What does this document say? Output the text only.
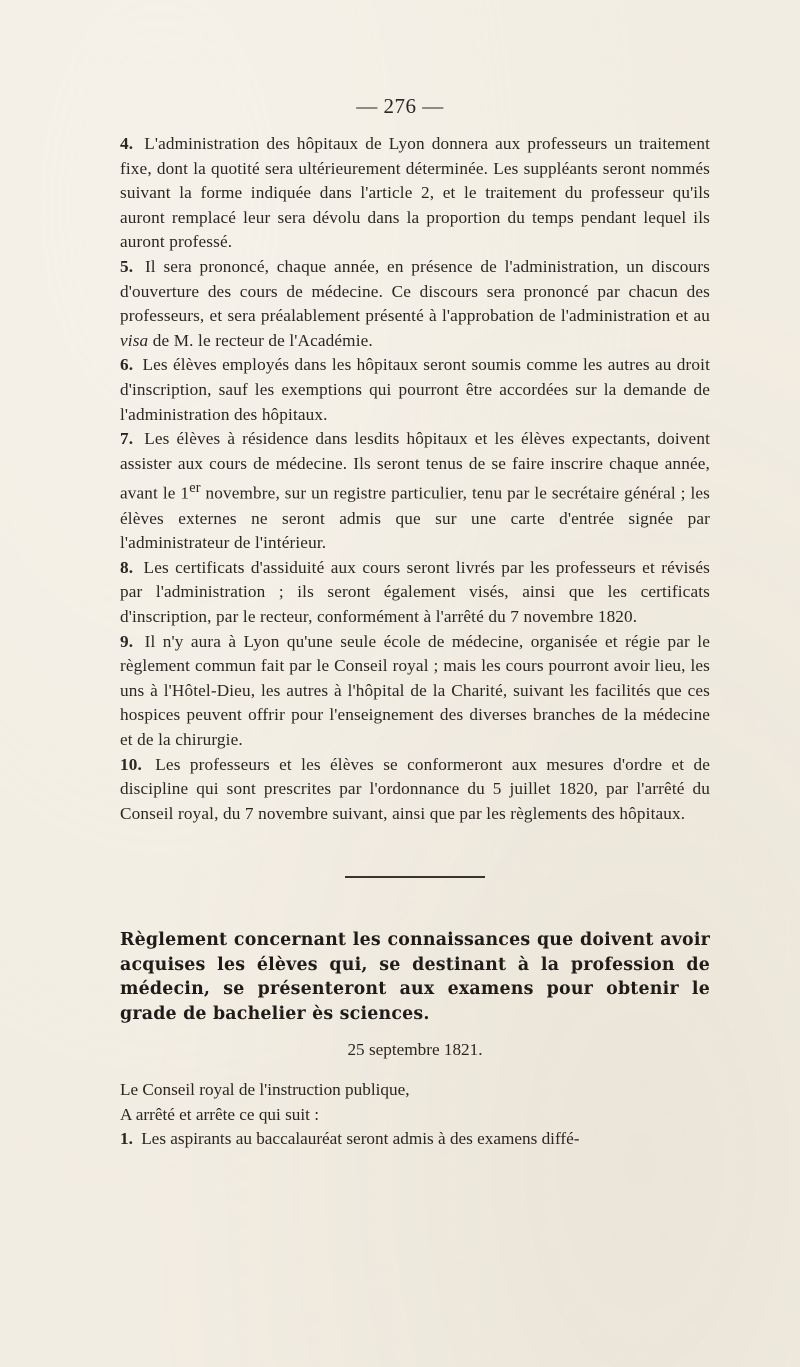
— 276 —

4. L'administration des hôpitaux de Lyon donnera aux professeurs un traitement fixe, dont la quotité sera ultérieurement déterminée. Les suppléants seront nommés suivant la forme indiquée dans l'article 2, et le traitement du professeur qu'ils auront remplacé leur sera dévolu dans la proportion du temps pendant lequel ils auront professé.

5. Il sera prononcé, chaque année, en présence de l'administration, un discours d'ouverture des cours de médecine. Ce discours sera prononcé par chacun des professeurs, et sera préalablement présenté à l'approbation de l'administration et au visa de M. le recteur de l'Académie.

6. Les élèves employés dans les hôpitaux seront soumis comme les autres au droit d'inscription, sauf les exemptions qui pourront être accordées sur la demande de l'administration des hôpitaux.

7. Les élèves à résidence dans lesdits hôpitaux et les élèves expectants, doivent assister aux cours de médecine. Ils seront tenus de se faire inscrire chaque année, avant le 1er novembre, sur un registre particulier, tenu par le secrétaire général ; les élèves externes ne seront admis que sur une carte d'entrée signée par l'administrateur de l'intérieur.

8. Les certificats d'assiduité aux cours seront livrés par les professeurs et révisés par l'administration ; ils seront également visés, ainsi que les certificats d'inscription, par le recteur, conformément à l'arrêté du 7 novembre 1820.

9. Il n'y aura à Lyon qu'une seule école de médecine, organisée et régie par le règlement commun fait par le Conseil royal ; mais les cours pourront avoir lieu, les uns à l'Hôtel-Dieu, les autres à l'hôpital de la Charité, suivant les facilités que ces hospices peuvent offrir pour l'enseignement des diverses branches de la médecine et de la chirurgie.

10. Les professeurs et les élèves se conformeront aux mesures d'ordre et de discipline qui sont prescrites par l'ordonnance du 5 juillet 1820, par l'arrêté du Conseil royal, du 7 novembre suivant, ainsi que par les règlements des hôpitaux.

Règlement concernant les connaissances que doivent avoir acquises les élèves qui, se destinant à la profession de médecin, se présenteront aux examens pour obtenir le grade de bachelier ès sciences.
25 septembre 1821.

Le Conseil royal de l'instruction publique,

A arrêté et arrête ce qui suit :

1. Les aspirants au baccalauréat seront admis à des examens diffé-
